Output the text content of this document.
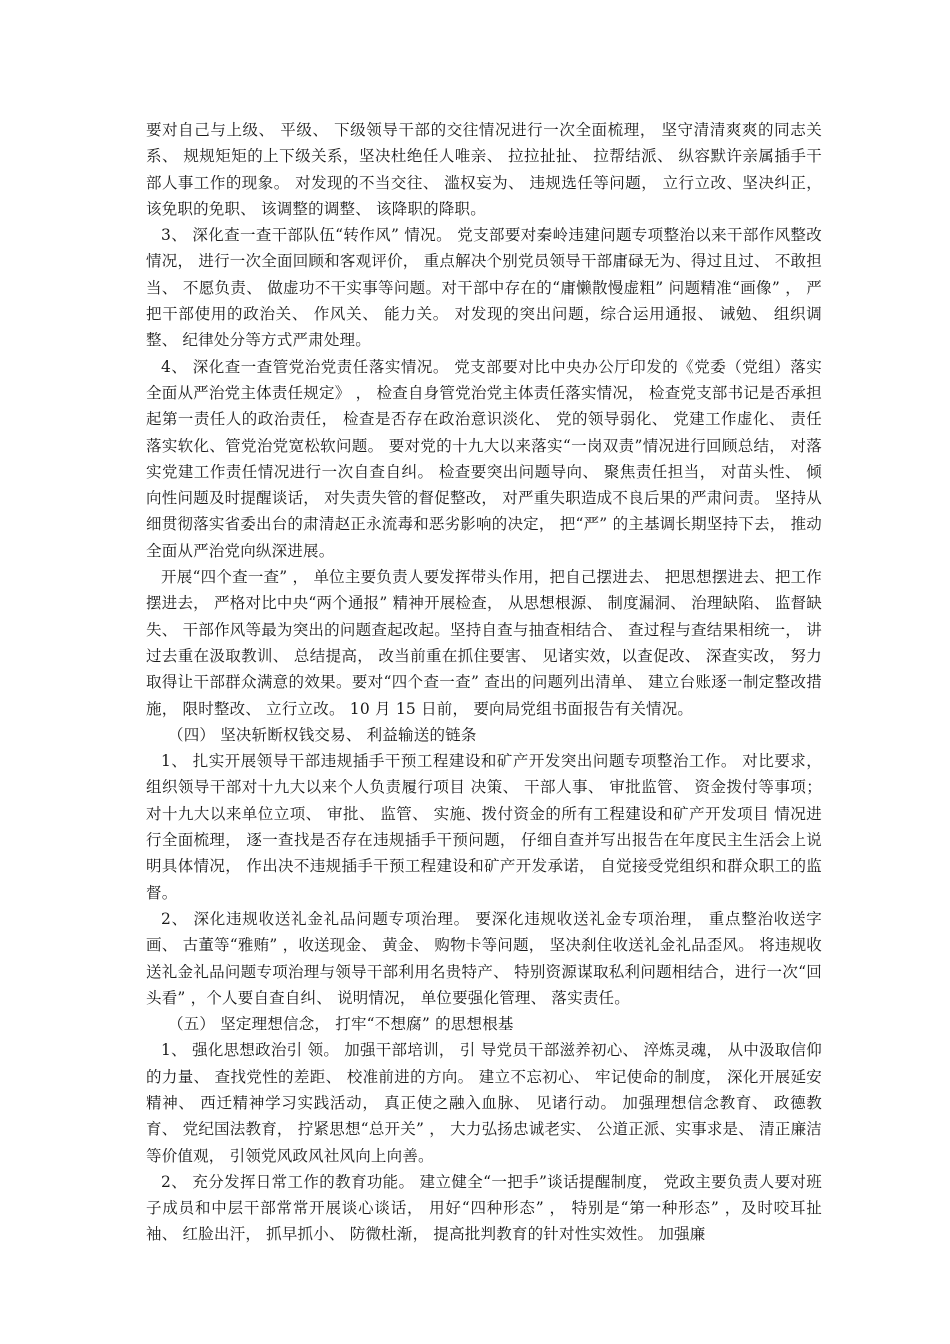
要对自己与上级、 平级、 下级领导干部的交往情况进行一次全面梳理， 坚守清清爽爽的同志关系、 规规矩矩的上下级关系，坚决杜绝任人唯亲、 拉拉扯扯、 拉帮结派、 纵容默许亲属插手干部人事工作的现象。 对发现的不当交往、 滥权妄为、 违规选任等问题， 立行立改、坚决纠正， 该免职的免职、 该调整的调整、 该降职的降职。

3、 深化查一查干部队伍“转作风” 情况。 党支部要对秦岭违建问题专项整治以来干部作风整改情况， 进行一次全面回顾和客观评价， 重点解决个别党员领导干部庸碌无为、得过且过、 不敢担当、 不愿负责、 做虚功不干实事等问题。对干部中存在的“庸懒散慢虚粗” 问题精准“画像” ， 严把干部使用的政治关、 作风关、 能力关。 对发现的突出问题，综合运用通报、 诫勉、 组织调整、 纪律处分等方式严肃处理。

4、 深化查一查管党治党责任落实情况。 党支部要对比中央办公厅印发的《党委（党组）落实全面从严治党主体责任规定》 ， 检查自身管党治党主体责任落实情况， 检查党支部书记是否承担起第一责任人的政治责任， 检查是否存在政治意识淡化、 党的领导弱化、 党建工作虚化、 责任落实软化、管党治党宽松软问题。 要对党的十九大以来落实“一岗双责”情况进行回顾总结， 对落实党建工作责任情况进行一次自查自纠。 检查要突出问题导向、 聚焦责任担当， 对苗头性、 倾向性问题及时提醒谈话， 对失责失管的督促整改， 对严重失职造成不良后果的严肃问责。 坚持从细贯彻落实省委出台的肃清赵正永流毒和恶劣影响的决定， 把“严” 的主基调长期坚持下去， 推动全面从严治党向纵深进展。

开展“四个查一查” ， 单位主要负责人要发挥带头作用，把自己摆进去、 把思想摆进去、把工作摆进去， 严格对比中央“两个通报” 精神开展检查， 从思想根源、 制度漏洞、 治理缺陷、 监督缺失、 干部作风等最为突出的问题查起改起。坚持自查与抽查相结合、 查过程与查结果相统一， 讲过去重在汲取教训、 总结提高， 改当前重在抓住要害、 见诸实效，以查促改、 深查实改， 努力取得让干部群众满意的效果。要对“四个查一查” 查出的问题列出清单、 建立台账逐一制定整改措施， 限时整改、 立行立改。 10 月 15 日前， 要向局党组书面报告有关情况。

（四） 坚决斩断权钱交易、 利益输送的链条

1、 扎实开展领导干部违规插手干预工程建设和矿产开发突出问题专项整治工作。 对比要求， 组织领导干部对十九大以来个人负责履行项目 决策、 干部人事、 审批监管、 资金拨付等事项； 对十九大以来单位立项、 审批、 监管、 实施、拨付资金的所有工程建设和矿产开发项目 情况进行全面梳理， 逐一查找是否存在违规插手干预问题， 仔细自查并写出报告在年度民主生活会上说明具体情况， 作出决不违规插手干预工程建设和矿产开发承诺， 自觉接受党组织和群众职工的监督。

2、 深化违规收送礼金礼品问题专项治理。 要深化违规收送礼金专项治理， 重点整治收送字画、 古董等“雅贿” ，收送现金、 黄金、 购物卡等问题， 坚决刹住收送礼金礼品歪风。 将违规收送礼金礼品问题专项治理与领导干部利用名贵特产、 特别资源谋取私利问题相结合，进行一次“回头看” ，个人要自查自纠、 说明情况， 单位要强化管理、 落实责任。

（五） 坚定理想信念， 打牢“不想腐” 的思想根基

1、 强化思想政治引 领。 加强干部培训， 引 导党员干部滋养初心、 淬炼灵魂， 从中汲取信仰的力量、 查找党性的差距、 校准前进的方向。 建立不忘初心、 牢记使命的制度， 深化开展延安精神、 西迁精神学习实践活动， 真正使之融入血脉、 见诸行动。 加强理想信念教育、 政德教育、 党纪国法教育， 拧紧思想“总开关” ， 大力弘扬忠诚老实、 公道正派、实事求是、 清正廉洁等价值观， 引领党风政风社风向上向善。

2、 充分发挥日常工作的教育功能。 建立健全“一把手”谈话提醒制度， 党政主要负责人要对班子成员和中层干部常常开展谈心谈话， 用好“四种形态” ， 特别是“第一种形态” ，及时咬耳扯袖、 红脸出汗， 抓早抓小、 防微杜渐， 提高批判教育的针对性实效性。 加强廉
